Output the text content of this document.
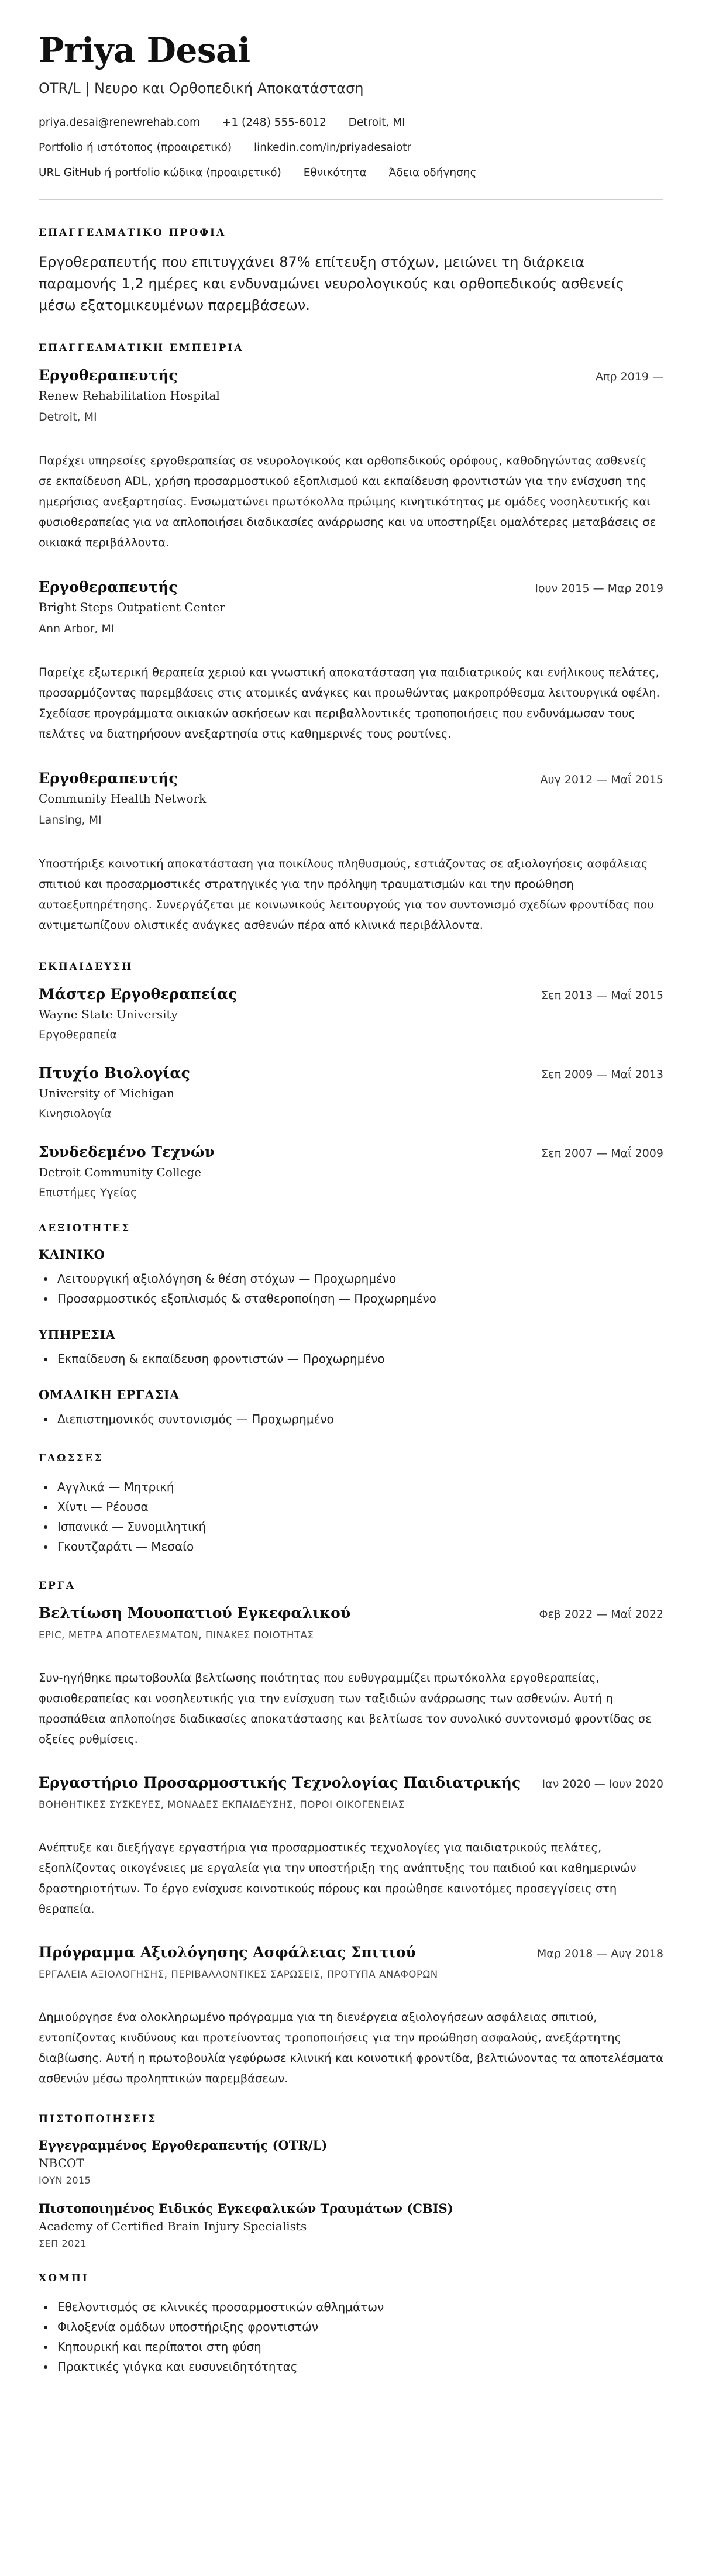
Priya Desai
OTR/L | Νευρο και Ορθοπεδική Αποκατάσταση
priya.desai@renewrehab.com +1 (248) 555-6012 Detroit, MI
Portfolio ή ιστότοπος (προαιρετικό) linkedin.com/in/priyadesaiotr
URL GitHub ή portfolio κώδικα (προαιρετικό) Εθνικότητα Άδεια οδήγησης
ΕΠΑΓΓΕΛΜΑΤΙΚΟ ΠΡΟΦΙΛ
Εργοθεραπευτής που επιτυγχάνει 87% επίτευξη στόχων, μειώνει τη διάρκεια παραμονής 1,2 ημέρες και ενδυναμώνει νευρολογικούς και ορθοπεδικούς ασθενείς μέσω εξατομικευμένων παρεμβάσεων.
ΕΠΑΓΓΕΛΜΑΤΙΚΗ ΕΜΠΕΙΡΙΑ
Εργοθεραπευτής	Απρ 2019 —
Renew Rehabilitation Hospital
Detroit, MI
Παρέχει υπηρεσίες εργοθεραπείας σε νευρολογικούς και ορθοπεδικούς ορόφους, καθοδηγώντας ασθενείς σε εκπαίδευση ADL, χρήση προσαρμοστικού εξοπλισμού και εκπαίδευση φροντιστών για την ενίσχυση της ημερήσιας ανεξαρτησίας. Ενσωματώνει πρωτόκολλα πρώιμης κινητικότητας με ομάδες νοσηλευτικής και φυσιοθεραπείας για να απλοποιήσει διαδικασίες ανάρρωσης και να υποστηρίξει ομαλότερες μεταβάσεις σε οικιακά περιβάλλοντα.
Εργοθεραπευτής	Ιουν 2015 — Μαρ 2019
Bright Steps Outpatient Center
Ann Arbor, MI
Παρείχε εξωτερική θεραπεία χεριού και γνωστική αποκατάσταση για παιδιατρικούς και ενήλικους πελάτες, προσαρμόζοντας παρεμβάσεις στις ατομικές ανάγκες και προωθώντας μακροπρόθεσμα λειτουργικά οφέλη. Σχεδίασε προγράμματα οικιακών ασκήσεων και περιβαλλοντικές τροποποιήσεις που ενδυνάμωσαν τους πελάτες να διατηρήσουν ανεξαρτησία στις καθημερινές τους ρουτίνες.
Εργοθεραπευτής	Αυγ 2012 — Μαΐ 2015
Community Health Network
Lansing, MI
Υποστήριξε κοινοτική αποκατάσταση για ποικίλους πληθυσμούς, εστιάζοντας σε αξιολογήσεις ασφάλειας σπιτιού και προσαρμοστικές στρατηγικές για την πρόληψη τραυματισμών και την προώθηση αυτοεξυπηρέτησης. Συνεργάζεται με κοινωνικούς λειτουργούς για τον συντονισμό σχεδίων φροντίδας που αντιμετωπίζουν ολιστικές ανάγκες ασθενών πέρα από κλινικά περιβάλλοντα.
ΕΚΠΑΙΔΕΥΣΗ
Μάστερ Εργοθεραπείας	Σεπ 2013 — Μαΐ 2015
Wayne State University
Εργοθεραπεία
Πτυχίο Βιολογίας	Σεπ 2009 — Μαΐ 2013
University of Michigan
Κινησιολογία
Συνδεδεμένο Τεχνών	Σεπ 2007 — Μαΐ 2009
Detroit Community College
Επιστήμες Υγείας
ΔΕΞΙΟΤΗΤΕΣ
ΚΛΙΝΙΚΟ
• Λειτουργική αξιολόγηση & θέση στόχων — Προχωρημένο
• Προσαρμοστικός εξοπλισμός & σταθεροποίηση — Προχωρημένο
ΥΠΗΡΕΣΙΑ
• Εκπαίδευση & εκπαίδευση φροντιστών — Προχωρημένο
ΟΜΑΔΙΚΗ ΕΡΓΑΣΙΑ
• Διεπιστημονικός συντονισμός — Προχωρημένο
ΓΛΩΣΣΕΣ
• Αγγλικά — Μητρική
• Χίντι — Ρέουσα
• Ισπανικά — Συνομιλητική
• Γκουτζαράτι — Μεσαίο
ΕΡΓΑ
Βελτίωση Μουοπατιού Εγκεφαλικού	Φεβ 2022 — Μαΐ 2022
EPIC, ΜΕΤΡΑ ΑΠΟΤΕΛΕΣΜΑΤΩΝ, ΠΙΝΑΚΕΣ ΠΟΙΟΤΗΤΑΣ
Συν-ηγήθηκε πρωτοβουλία βελτίωσης ποιότητας που ευθυγραμμίζει πρωτόκολλα εργοθεραπείας, φυσιοθεραπείας και νοσηλευτικής για την ενίσχυση των ταξιδιών ανάρρωσης των ασθενών. Αυτή η προσπάθεια απλοποίησε διαδικασίες αποκατάστασης και βελτίωσε τον συνολικό συντονισμό φροντίδας σε οξείες ρυθμίσεις.
Εργαστήριο Προσαρμοστικής Τεχνολογίας Παιδιατρικής Ιαν 2020 — Ιουν 2020
ΒΟΗΘΗΤΙΚΕΣ ΣΥΣΚΕΥΕΣ, ΜΟΝΑΔΕΣ ΕΚΠΑΙΔΕΥΣΗΣ, ΠΟΡΟΙ ΟΙΚΟΓΕΝΕΙΑΣ
Ανέπτυξε και διεξήγαγε εργαστήρια για προσαρμοστικές τεχνολογίες για παιδιατρικούς πελάτες, εξοπλίζοντας οικογένειες με εργαλεία για την υποστήριξη της ανάπτυξης του παιδιού και καθημερινών δραστηριοτήτων. Το έργο ενίσχυσε κοινοτικούς πόρους και προώθησε καινοτόμες προσεγγίσεις στη θεραπεία.
Πρόγραμμα Αξιολόγησης Ασφάλειας Σπιτιού	Μαρ 2018 — Αυγ 2018
ΕΡΓΑΛΕΙΑ ΑΞΙΟΛΟΓΗΣΗΣ, ΠΕΡΙΒΑΛΛΟΝΤΙΚΕΣ ΣΑΡΩΣΕΙΣ, ΠΡΟΤΥΠΑ ΑΝΑΦΟΡΩΝ
Δημιούργησε ένα ολοκληρωμένο πρόγραμμα για τη διενέργεια αξιολογήσεων ασφάλειας σπιτιού, εντοπίζοντας κινδύνους και προτείνοντας τροποποιήσεις για την προώθηση ασφαλούς, ανεξάρτητης διαβίωσης. Αυτή η πρωτοβουλία γεφύρωσε κλινική και κοινοτική φροντίδα, βελτιώνοντας τα αποτελέσματα ασθενών μέσω προληπτικών παρεμβάσεων.
ΠΙΣΤΟΠΟΙΗΣΕΙΣ
Εγγεγραμμένος Εργοθεραπευτής (OTR/L)
NBCOT
ΙΟΥΝ 2015
Πιστοποιημένος Ειδικός Εγκεφαλικών Τραυμάτων (CBIS)
Academy of Certified Brain Injury Specialists
ΣΕΠ 2021
ΧΟΜΠΙ
• Εθελοντισμός σε κλινικές προσαρμοστικών αθλημάτων
• Φιλοξενία ομάδων υποστήριξης φροντιστών
• Κηπουρική και περίπατοι στη φύση
• Πρακτικές γιόγκα και ευσυνειδητότητας
